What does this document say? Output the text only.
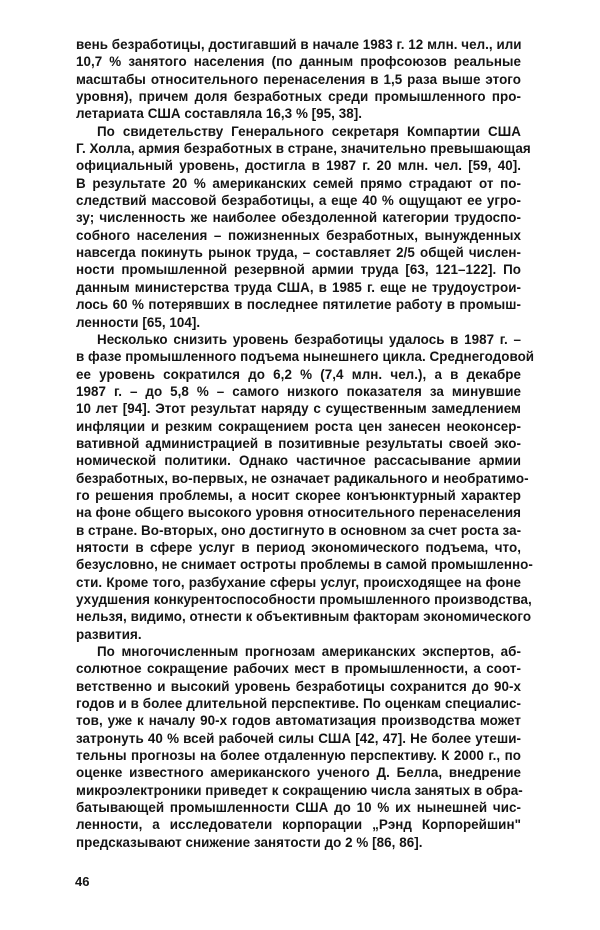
вень безработицы, достигавший в начале 1983 г. 12 млн. чел., или
10,7 % занятого населения (по данным профсоюзов реальные
масштабы относительного перенаселения в 1,5 раза выше этого
уровня), причем доля безработных среди промышленного про-
летариата США составляла 16,3 % [95, 38].
По свидетельству Генерального секретаря Компартии США
Г. Холла, армия безработных в стране, значительно превышающая
официальный уровень, достигла в 1987 г. 20 млн. чел. [59, 40].
В результате 20 % американских семей прямо страдают от по-
следствий массовой безработицы, а еще 40 % ощущают ее угро-
зу; численность же наиболее обездоленной категории трудоспо-
собного населения – пожизненных безработных, вынужденных
навсегда покинуть рынок труда, – составляет 2/5 общей числен-
ности промышленной резервной армии труда [63, 121–122]. По
данным министерства труда США, в 1985 г. еще не трудоустрои-
лось 60 % потерявших в последнее пятилетие работу в промыш-
ленности [65, 104].
Несколько снизить уровень безработицы удалось в 1987 г. –
в фазе промышленного подъема нынешнего цикла. Среднегодовой
ее уровень сократился до 6,2 % (7,4 млн. чел.), а в декабре
1987 г. – до 5,8 % – самого низкого показателя за минувшие
10 лет [94]. Этот результат наряду с существенным замедлением
инфляции и резким сокращением роста цен занесен неоконсер-
вативной администрацией в позитивные результаты своей эко-
номической политики. Однако частичное рассасывание армии
безработных, во-первых, не означает радикального и необратимо-
го решения проблемы, а носит скорее конъюнктурный характер
на фоне общего высокого уровня относительного перенаселения
в стране. Во-вторых, оно достигнуто в основном за счет роста за-
нятости в сфере услуг в период экономического подъема, что,
безусловно, не снимает остроты проблемы в самой промышленно-
сти. Кроме того, разбухание сферы услуг, происходящее на фоне
ухудшения конкурентоспособности промышленного производства,
нельзя, видимо, отнести к объективным факторам экономического
развития.
По многочисленным прогнозам американских экспертов, аб-
солютное сокращение рабочих мест в промышленности, а соот-
ветственно и высокий уровень безработицы сохранится до 90-х
годов и в более длительной перспективе. По оценкам специалис-
тов, уже к началу 90-х годов автоматизация производства может
затронуть 40 % всей рабочей силы США [42, 47]. Не более утеши-
тельны прогнозы на более отдаленную перспективу. К 2000 г., по
оценке известного американского ученого Д. Белла, внедрение
микроэлектроники приведет к сокращению числа занятых в обра-
батывающей промышленности США до 10 % их нынешней чис-
ленности, а исследователи корпорации „Рэнд Корпорейшин"
предсказывают снижение занятости до 2 % [86, 86].
46
